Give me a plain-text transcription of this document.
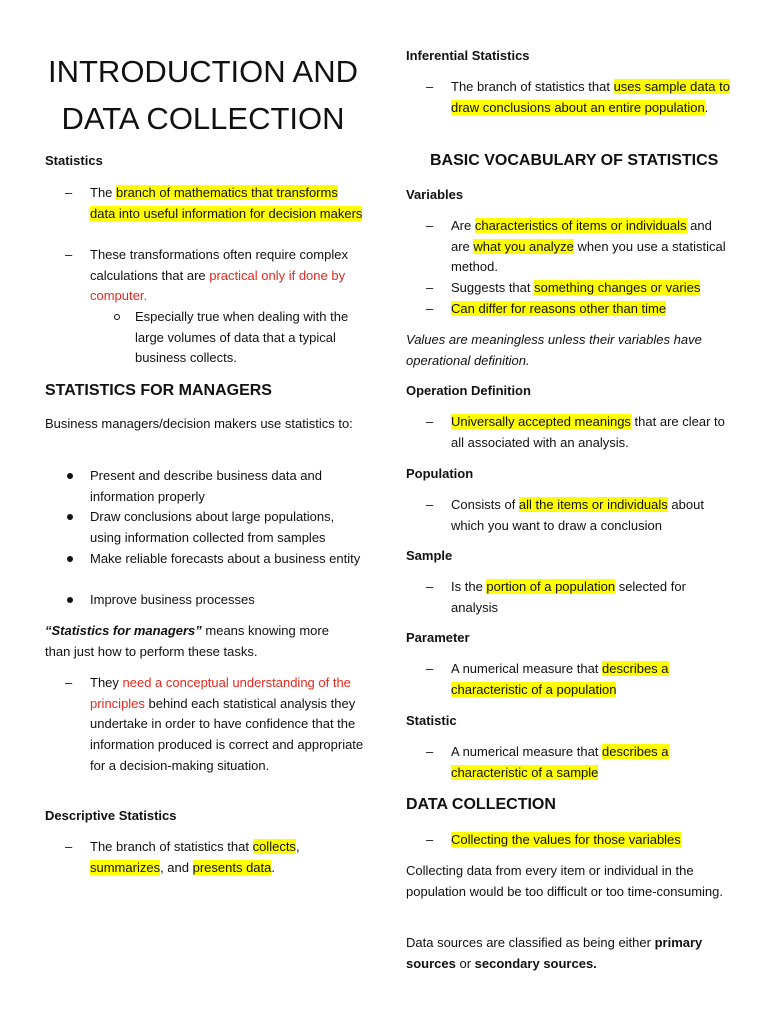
INTRODUCTION AND
DATA COLLECTION
Statistics
– The branch of mathematics that transforms data into useful information for decision makers
– These transformations often require complex calculations that are practical only if done by computer.
Especially true when dealing with the large volumes of data that a typical business collects.
STATISTICS FOR MANAGERS
Business managers/decision makers use statistics to:
Present and describe business data and information properly
Draw conclusions about large populations, using information collected from samples
Make reliable forecasts about a business entity
Improve business processes
“Statistics for managers” means knowing more than just how to perform these tasks.
– They need a conceptual understanding of the principles behind each statistical analysis they undertake in order to have confidence that the information produced is correct and appropriate for a decision-making situation.
Descriptive Statistics
– The branch of statistics that collects, summarizes, and presents data.
Inferential Statistics
– The branch of statistics that uses sample data to draw conclusions about an entire population.
BASIC VOCABULARY OF STATISTICS
Variables
– Are characteristics of items or individuals and are what you analyze when you use a statistical method.
– Suggests that something changes or varies
– Can differ for reasons other than time
Values are meaningless unless their variables have operational definition.
Operation Definition
– Universally accepted meanings that are clear to all associated with an analysis.
Population
– Consists of all the items or individuals about which you want to draw a conclusion
Sample
– Is the portion of a population selected for analysis
Parameter
– A numerical measure that describes a characteristic of a population
Statistic
– A numerical measure that describes a characteristic of a sample
DATA COLLECTION
– Collecting the values for those variables
Collecting data from every item or individual in the population would be too difficult or too time-consuming.
Data sources are classified as being either primary sources or secondary sources.
